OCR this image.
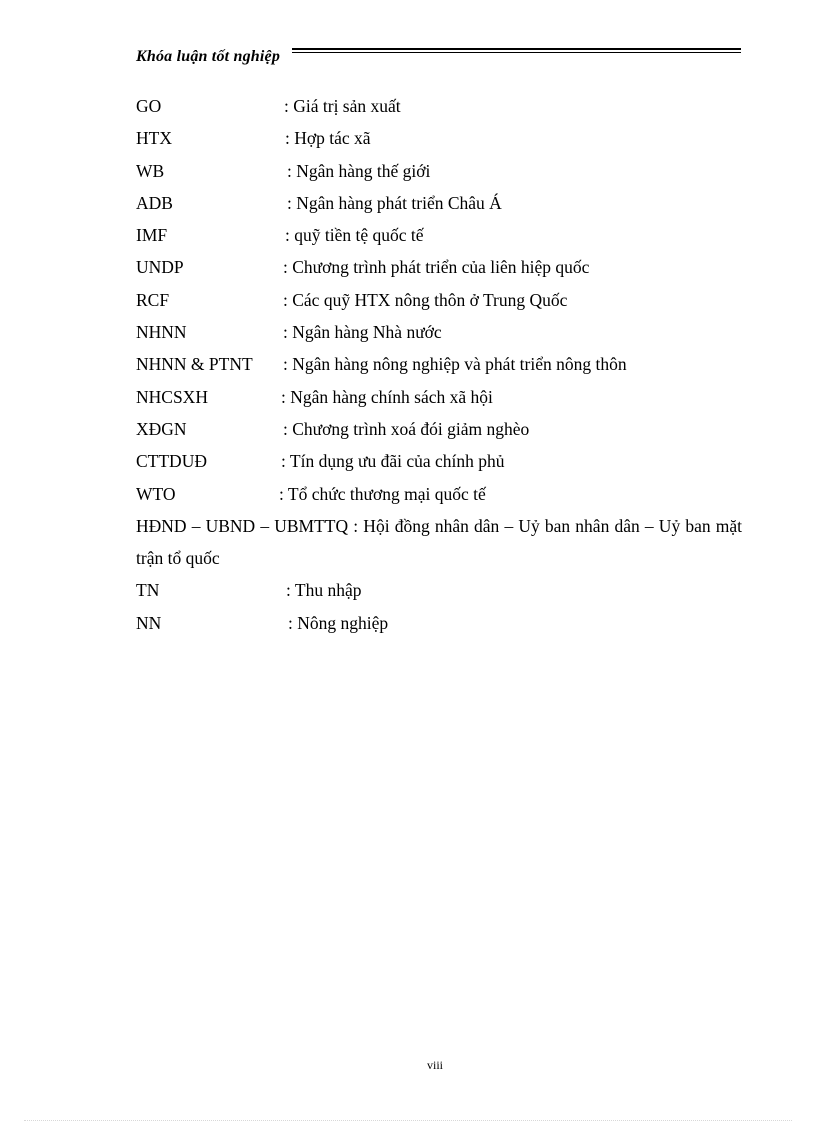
Khóa luận tốt nghiệp
GO	: Giá trị sản xuất
HTX	: Hợp tác xã
WB	: Ngân hàng thế giới
ADB	: Ngân hàng phát triển Châu Á
IMF	: quỹ tiền tệ quốc tế
UNDP	: Chương trình phát triển của liên hiệp quốc
RCF	: Các quỹ HTX nông thôn ở Trung Quốc
NHNN	: Ngân hàng Nhà nước
NHNN & PTNT : Ngân hàng nông nghiệp và phát triển nông thôn
NHCSXH	: Ngân hàng chính sách xã hội
XĐGN	: Chương trình xoá đói giảm nghèo
CTTDUĐ	: Tín dụng ưu đãi của chính phủ
WTO	: Tổ chức thương mại quốc tế
HĐND – UBND – UBMTTQ : Hội đồng nhân dân – Uỷ ban nhân dân – Uỷ ban mặt trận tổ quốc
TN	: Thu nhập
NN	: Nông nghiệp
viii
